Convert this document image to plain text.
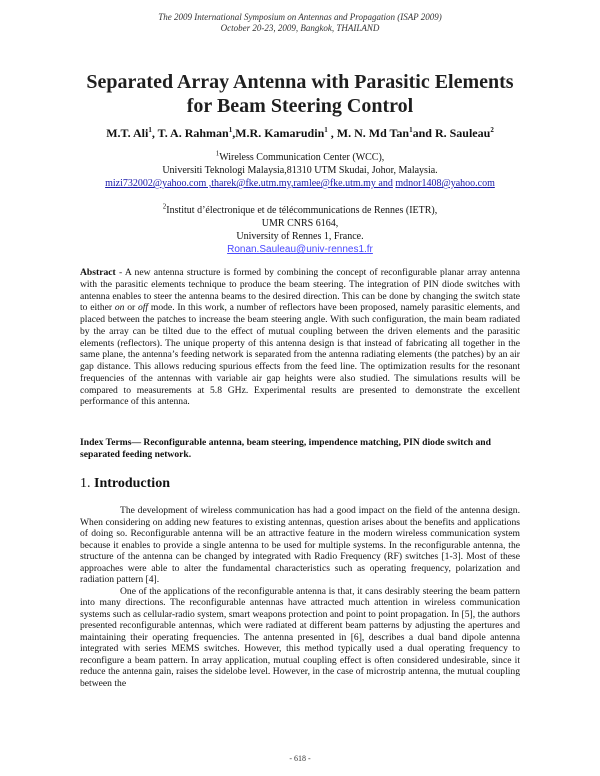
The 2009 International Symposium on Antennas and Propagation (ISAP 2009)
October 20-23, 2009, Bangkok, THAILAND
Separated Array Antenna with Parasitic Elements
for Beam Steering Control
M.T. Ali$^1$, T. A. Rahman$^1$,M.R. Kamarudin$^1$ , M. N. Md Tan$^1$and R. Sauleau$^2$
$^1$Wireless Communication Center (WCC),
Universiti Teknologi Malaysia,81310 UTM Skudai, Johor, Malaysia.
mizi732002@yahoo.com ,tharek@fke.utm.my,ramlee@fke.utm.my and mdnor1408@yahoo.com
$^2$Institut d’électronique et de télécommunications de Rennes (IETR),
UMR CNRS 6164,
University of Rennes 1, France.
Ronan.Sauleau@univ-rennes1.fr
Abstract - A new antenna structure is formed by combining the concept of reconfigurable planar array antenna with the parasitic elements technique to produce the beam steering. The integration of PIN diode switches with antenna enables to steer the antenna beams to the desired direction. This can be done by changing the switch state to either on or off mode. In this work, a number of reflectors have been proposed, namely parasitic elements, and placed between the patches to increase the beam steering angle. With such configuration, the main beam radiated by the array can be tilted due to the effect of mutual coupling between the driven elements and the parasitic elements (reflectors). The unique property of this antenna design is that instead of fabricating all together in the same plane, the antenna’s feeding network is separated from the antenna radiating elements (the patches) by an air gap distance. This allows reducing spurious effects from the feed line. The optimization results for the resonant frequencies of the antennas with variable air gap heights were also studied. The simulations results will be compared to measurements at 5.8 GHz. Experimental results are presented to demonstrate the excellent performance of this antenna.
Index Terms— Reconfigurable antenna, beam steering, impendence matching, PIN diode switch and separated feeding network.
1. Introduction

The development of wireless communication has had a good impact on the field of the antenna design. When considering on adding new features to existing antennas, question arises about the benefits and applications of doing so. Reconfigurable antenna will be an attractive feature in the modern wireless communication system because it enables to provide a single antenna to be used for multiple systems. In the reconfigurable antenna, the structure of the antenna can be changed by integrated with Radio Frequency (RF) switches [1-3]. Most of these approaches were able to alter the fundamental characteristics such as operating frequency, polarization and radiation pattern [4].

One of the applications of the reconfigurable antenna is that, it cans desirably steering the beam pattern into many directions. The reconfigurable antennas have attracted much attention in wireless communication systems such as cellular-radio system, smart weapons protection and point to point propagation. In [5], the authors presented reconfigurable antennas, which were radiated at different beam patterns by adjusting the apertures and maintaining their operating frequencies. The antenna presented in [6], describes a dual band dipole antenna integrated with series MEMS switches. However, this method typically used a dual operating frequency to reconfigure a beam pattern. In array application, mutual coupling effect is often considered undesirable, since it reduce the antenna gain, raises the sidelobe level. However, in the case of microstrip antenna, the mutual coupling between the

- 618 -
